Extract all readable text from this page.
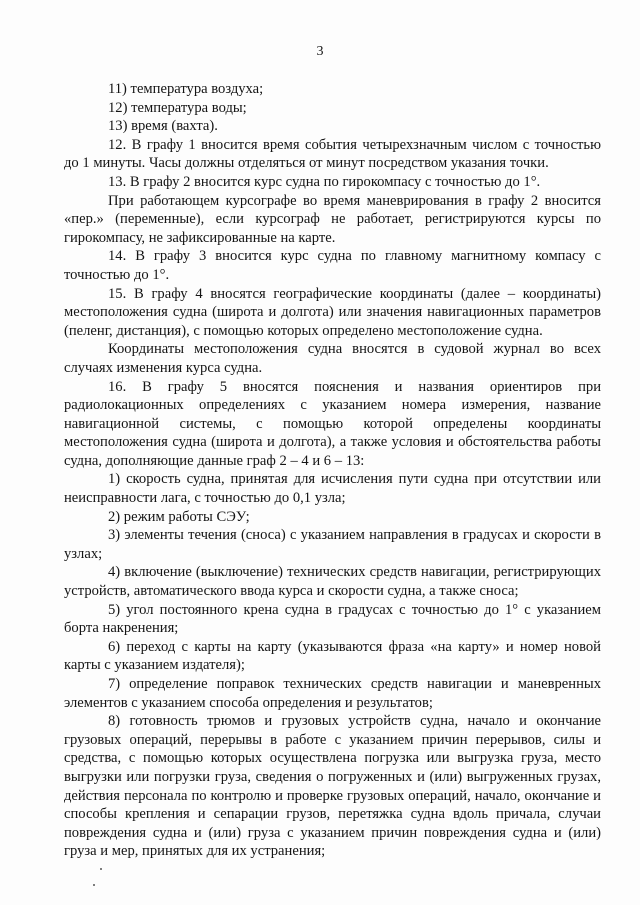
3

11) температура воздуха;

12) температура воды;

13) время (вахта).

12. В графу 1 вносится время события четырехзначным числом с точностью до 1 минуты. Часы должны отделяться от минут посредством указания точки.

13. В графу 2 вносится курс судна по гирокомпасу с точностью до 1°.

При работающем курсографе во время маневрирования в графу 2 вносится «пер.» (переменные), если курсограф не работает, регистрируются курсы по гирокомпасу, не зафиксированные на карте.

14. В графу 3 вносится курс судна по главному магнитному компасу с точностью до 1°.

15. В графу 4 вносятся географические координаты (далее – координаты) местоположения судна (широта и долгота) или значения навигационных параметров (пеленг, дистанция), с помощью которых определено местоположение судна.

Координаты местоположения судна вносятся в судовой журнал во всех случаях изменения курса судна.

16. В графу 5 вносятся пояснения и названия ориентиров при радиолокационных определениях с указанием номера измерения, название навигационной системы, с помощью которой определены координаты местоположения судна (широта и долгота), а также условия и обстоятельства работы судна, дополняющие данные граф 2 – 4 и 6 – 13:

1) скорость судна, принятая для исчисления пути судна при отсутствии или неисправности лага, с точностью до 0,1 узла;

2) режим работы СЭУ;

3) элементы течения (сноса) с указанием направления в градусах и скорости в узлах;

4) включение (выключение) технических средств навигации, регистрирующих устройств, автоматического ввода курса и скорости судна, а также сноса;

5) угол постоянного крена судна в градусах с точностью до 1° с указанием борта накренения;

6) переход с карты на карту (указываются фраза «на карту» и номер новой карты с указанием издателя);

7) определение поправок технических средств навигации и маневренных элементов с указанием способа определения и результатов;

8) готовность трюмов и грузовых устройств судна, начало и окончание грузовых операций, перерывы в работе с указанием причин перерывов, силы и средства, с помощью которых осуществлена погрузка или выгрузка груза, место выгрузки или погрузки груза, сведения о погруженных и (или) выгруженных грузах, действия персонала по контролю и проверке грузовых операций, начало, окончание и способы крепления и сепарации грузов, перетяжка судна вдоль причала, случаи повреждения судна и (или) груза с указанием причин повреждения судна и (или) груза и мер, принятых для их устранения;
